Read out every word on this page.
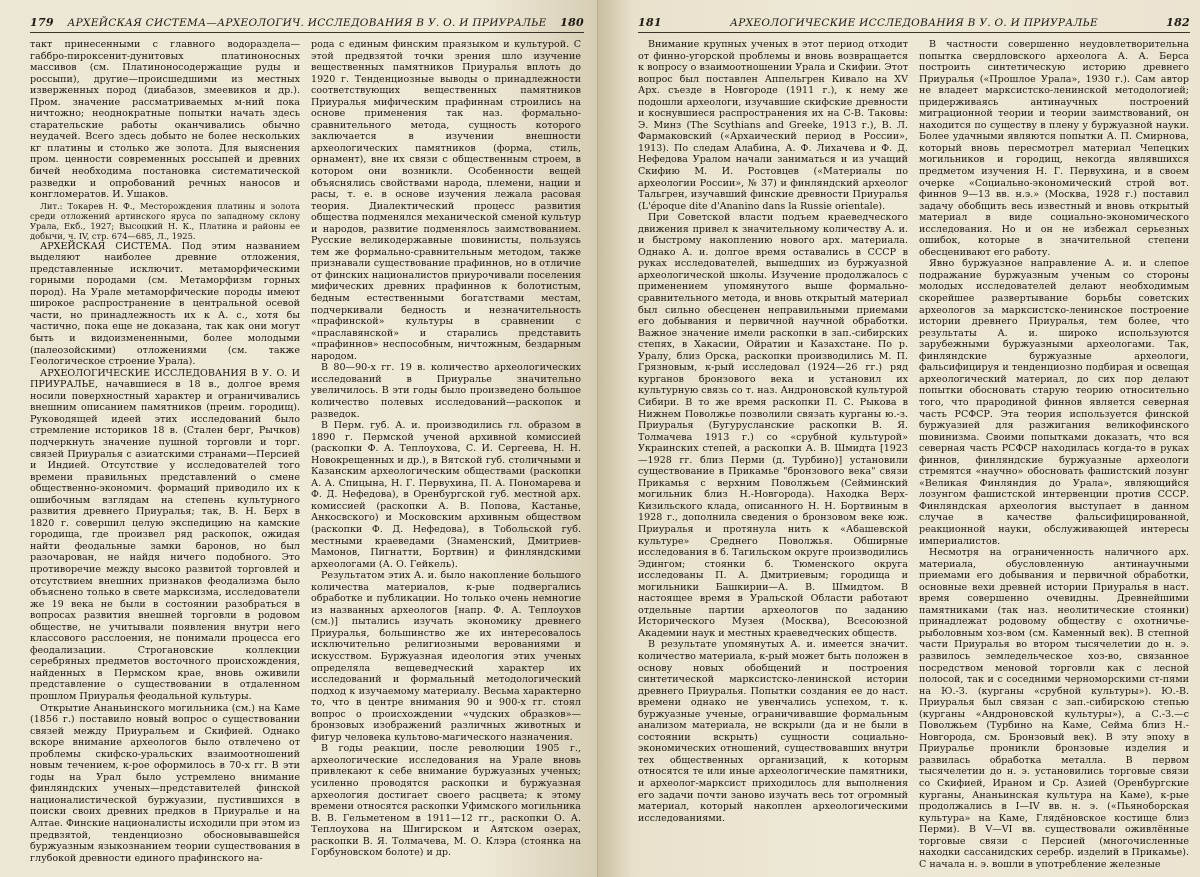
179 АРХЕЙСКАЯ СИСТЕМА—АРХЕОЛОГИЧ. ИССЛЕДОВАНИЯ В У. О. И ПРИУРАЛЬЕ 180

такт принесенными с главного водораздела—габбро-пироксенит-дунитовых платиноносных массивов (см. Платиноносодержащие руды и россыпи), другие—происшедшими из местных изверженных пород (диабазов, змеевиков и др.). Пром. значение рассматриваемых м-ний пока ничтожно; неоднократные попытки начать здесь старательские работы оканчивались обычно неудачей. Всего здесь добыто не более нескольких кг платины и столько же золота. Для выяснения пром. ценности современных россыпей и древних бичей необходима постановка систематической разведки и опробований речных наносов и конгломератов. И. Ушаков.

Лит.: Токарев Н. Ф., Месторождения платины и золота среди отложений артинского яруса по западному склону Урала, Екб., 1927; Высоцкий Н. К., Платина и районы ее добычи, ч. IV, стр. 674—685, Л., 1925.

АРХЕЙСКАЯ СИСТЕМА. Под этим названием выделяют наиболее древние отложения, представленные исключит. метаморфическими горными породами (см. Метаморфизм горных пород). На Урале метаморфические породы имеют широкое распространение в центральной осевой части, но принадлежность их к А. с., хотя бы частично, пока еще не доказана, так как они могут быть и видоизмененными, более молодыми (палеозойскими) отложениями (см. также Геологическое строение Урала).

АРХЕОЛОГИЧЕСКИЕ ИССЛЕДОВАНИЯ В У. О. И ПРИУРАЛЬЕ, начавшиеся в 18 в., долгое время носили поверхностный характер и ограничивались внешним описанием памятников (преим. городищ). Руководящей идеей этих исследований было стремление историков 18 в. (Стален берг, Рычков) подчеркнуть значение пушной торговли и торг. связей Приуралья с азиатскими странами—Персией и Индией. Отсутствие у исследователей того времени правильных представлений о смене общественно-экономич. формаций приводило их к ошибочным взглядам на степень культурного развития древнего Приуралья; так, В. Н. Берх в 1820 г. совершил целую экспедицию на камские городища, где произвел ряд раскопок, ожидая найти феодальные замки баронов, но был разочарован, не найдя ничего подобного. Это противоречие между высоко развитой торговлей и отсутствием внешних признаков феодализма было объяснено только в свете марксизма, исследователи же 19 века не были в состоянии разобраться в вопросах развития внешней торговли в родовом обществе, не учитывали появления внутри него классового расслоения, не понимали процесса его феодализации. Строгановские коллекции серебряных предметов восточного происхождения, найденных в Пермском крае, вновь оживили представление о существовании в отдаленном прошлом Приуралья феодальной культуры.

Открытие Ананьинского могильника (см.) на Каме (1856 г.) поставило новый вопрос о существовании связей между Приуральем и Скифией. Однако вскоре внимание археологов было отвлечено от проблемы скифско-уральских взаимоотношений новым течением, к-рое оформилось в 70-х гг. В эти годы на Урал было устремлено внимание финляндских ученых—представителей финской националистической буржуазии, пустившихся в поиски своих древних предков в Приуралье и на Алтае. Финские националисты исходили при этом из предвзятой, тенденциозно обосновывавшейся буржуазным языкознанием теории существования в глубокой древности единого прафинского на-

рода с единым финским праязыком и культурой. С этой предвзятой точки зрения шло изучение вещественных памятников Приуралья вплоть до 1920 г. Тенденциозные выводы о принадлежности соответствующих вещественных памятников Приуралья мифическим прафиннам строились на основе применения так наз. формально-сравнительного метода, сущность которого заключается в изучении внешности археологических памятников (форма, стиль, орнамент), вне их связи с общественным строем, в котором они возникли. Особенности вещей объяснялись свойствами народа, племени, нации и расы, т. е. в основе изучения лежала расовая теория. Диалектический процесс развития общества подменялся механической сменой культур и народов, развитие подменялось заимствованием. Русские великодержавные шовинисты, пользуясь тем же формально-сравнительным методом, также признавали существование прафиннов, но в отличие от финских националистов приурочивали поселения мифических древних прафиннов к болотистым, бедным естественными богатствами местам, подчеркивали бедность и незначительность «прафинской» культуры в сравнении с «праславянской» и старались представить «прафиннов» неспособным, ничтожным, бездарным народом.

В 80—90-х гг. 19 в. количество археологических исследований в Приуралье значительно увеличилось. В эти годы было произведено большое количество полевых исследований—раскопок и разведок.

В Перм. губ. А. и. производились гл. образом в 1890 г. Пермской ученой архивной комиссией (раскопки Ф. А. Теплоухова, С. И. Сергеева, Н. Н. Новокрещенных и др.), в Вятской губ. столичными и Казанским археологическим обществами (раскопки А. А. Спицына, Н. Г. Первухина, П. А. Пономарева и Ф. Д. Нефедова), в Оренбургской губ. местной арх. комиссией (раскопки А. В. Попова, Кастанье, Анкосвского) и Московским архивным обществом (раскопки Ф. Д. Нефедова), в Тобольской губ. местными краеведами (Знаменский, Дмитриев-Мамонов, Пигнатти, Бортвин) и финляндскими археологами (А. О. Гейкель).

Результатом этих А. и. было накопление большого количества материалов, к-рые подвергались обработке и публикации. Но только очень немногие из названных археологов [напр. Ф. А. Теплоухов (см.)] пытались изучать экономику древнего Приуралья, большинство же их интересовалось исключительно религиозными верованиями и искусством. Буржуазная идеология этих ученых определяла вещеведческий характер их исследований и формальный методологический подход к изучаемому материалу. Весьма характерно то, что в центре внимания 90 и 900-х гг. стоял вопрос о происхождении «чудских образков»—бронзовых изображений различных животных и фигур человека культово-магического назначения.

В годы реакции, после революции 1905 г., археологические исследования на Урале вновь привлекают к себе внимание буржуазных ученых; усиленно проводятся раскопки и буржуазная археология достигает своего расцвета; к этому времени относятся раскопки Уфимского могильника В. В. Гельметеном в 1911—12 гг., раскопки О. А. Теплоухова на Шигирском и Аятском озерах, раскопки В. Я. Толмачева, М. О. Клэра (стоянка на Горбуновском болоте) и др.

181	АРХЕОЛОГИЧЕСКИЕ ИССЛЕДОВАНИЯ В У. О. И ПРИУРАЛЬЕ	182

Внимание крупных ученых в этот период отходит от финно-угорской проблемы и вновь возвращается к вопросу о взаимоотношении Урала и Скифии. Этот вопрос был поставлен Аппельгрен Кивало на XV Арх. съезде в Новгороде (1911 г.), к нему же подошли археологи, изучавшие скифские древности и коснувшиеся распространения их на С-В. Таковы: Э. Минз (The Scythians and Greeke, 1913 г.), В. Л. Фармаковский («Архаический период в России», 1913). По следам Алабина, А. Ф. Лихачева и Ф. Д. Нефедова Уралом начали заниматься и из учащий Скифию М. И. Ростовцев («Материалы по археологии России», № 37) и финляндский археолог Тальгрен, изучавший финские древности Приуралья (L'époque dite d'Ananino dans la Russie orientale).

При Советской власти подъем краеведческого движения привел к значительному количеству А. и. и быстрому накоплению нового арх. материала. Однако А. и. долгое время оставались в СССР в руках исследователей, вышедших из буржуазной археологической школы. Изучение продолжалось с применением упомянутого выше формально-сравнительного метода, и вновь открытый материал был сильно обесценен неправильными приемами его добывания и первичной научной обработки. Важное значение имели раскопки в зап.-сибирских степях, в Хакасии, Ойратии и Казахстане. По р. Уралу, близ Орска, раскопки производились М. П. Грязновым, к-рый исследовал (1924—26 гг.) ряд курганов бронзового века и установил их культурную связь со т. наз. Андроновской культурой Сибири. В то же время раскопки П. С. Рыкова в Нижнем Поволжье позволили связать курганы ю.-з. Приуралья (Бугурусланские раскопки В. Я. Толмачева 1913 г.) со «срубной культурой» Украинских степей, а раскопки А. В. Шмидта [1923—1928 гг. близ Перми (д. Турбино)] установили существование в Прикамье "бронзового века" связи Прикамья с верхним Поволжьем (Сейминский могильник близ Н.-Новгорода). Находка Верх-Кизильского клада, описанного Н. Н. Бортвиным в 1928 г., дополнила сведения о бронзовом веке юж. Приуралья и протянула нить к «Абашевской культуре» Среднего Поволжья. Обширные исследования в б. Тагильском округе производились Эдингом; стоянки б. Тюменского округа исследованы П. А. Дмитриевым; городища и могильники Башкирии—А. В. Шмидтом. В настоящее время в Уральской Области работают отдельные партии археологов по заданию Исторического Музея (Москва), Всесоюзной Академии наук и местных краеведческих обществ.

В результате упомянутых А. и. имеется значит. количество материала, к-рый может быть положен в основу новых обобщений и построения синтетической марксистско-ленинской истории древнего Приуралья. Попытки создания ее до наст. времени однако не увенчались успехом, т. к. буржуазные ученые, ограничивавшие формальным анализом материала, не вскрыли (да и не были в состоянии вскрыть) сущности социально-экономических отношений, существовавших внутри тех общественных организаций, к которым относятся те или иные археологические памятники, и археолог-марксист приходилось для выполнения его задачи почти заново изучать весь тот огромный материал, который накоплен археологическими исследованиями.

В частности совершенно неудовлетворительна попытка свердловского археолога А. А. Берса построить синтетическую историю древнего Приуралья («Прошлое Урала», 1930 г.). Сам автор не владеет марксистско-ленинской методологией; придерживаясь антинаучных построений миграционной теории и теории заимствований, он находится по существу в плену у буржуазной науки. Более удачными являются попытки А. П. Смирнова, который вновь пересмотрел материал Чепецких могильников и городищ, некогда являвшихся предметом изучения Н. Г. Первухина, и в своем очерке «Социально-экономический строй вот. финнов 9—13 вв. н.э.» (Москва, 1928 г.) поставил задачу обобщить весь известный и вновь открытый материал в виде социально-экономического исследования. Но и он не избежал серьезных ошибок, которые в значительной степени обесценивают его работу.

Явно буржуазное направление А. и. и слепое подражание буржуазным ученым со стороны молодых исследователей делают необходимым скорейшее развертывание борьбы советских археологов за марксистско-ленинское построение истории древнего Приуралья, тем более, что результаты А. и. широко используются зарубежными буржуазными археологами. Так, финляндские буржуазные археологи, фальсифицируя и тенденциозно подбирая и освещая археологический материал, до сих пор делают попытки обосновать старую теорию относительно того, что прародиной финнов является северная часть РСФСР. Эта теория используется финской буржуазией для разжигания великофинского шовинизма. Своими попытками доказать, что вся северная часть РСФСР находилась когда-то в руках финнов, финляндские буржуазные археологи стремятся «научно» обосновать фашистский лозунг «Великая Финляндия до Урала», являющийся лозунгом фашистской интервенции против СССР. Финляндская археология выступает в данном случае в качестве фальсифицированной, реакционной науки, обслуживающей интересы империалистов.

Несмотря на ограниченность наличного арх. материала, обусловленную антинаучными приемами его добывания и первичной обработки, основные вехи древней истории Приуралья в наст. время совершенно очевидны. Древнейшими памятниками (так наз. неолитические стоянки) принадлежат родовому обществу с охотничье-рыболовным хоз-вом (см. Каменный век). В степной части Приуралья во втором тысячелетии до н. э. развилось земледельческое хоз-во, связанное посредством меновой торговли как с лесной полосой, так и с соседними черноморскими ст-пями на Ю.-З. (курганы «срубной культуры»). Ю.-В. Приуралья был связан с зап.-сибирскою степью (курганы «Андроновской культуры»), а С.-З.—с Поволжьем (Турбино на Каме, Сейма близ Н.-Новгорода, см. Бронзовый век). В эту эпоху в Приуралье проникли бронзовые изделия и развилась обработка металла. В первом тысячелетии до н. э. установились торговые связи со Скифией, Ираном и Ср. Азией (Оренбургские курганы, Ананьинская культура на Каме), к-рые продолжались в I—IV вв. н. э. («Пьяноборская культура» на Каме, Глядёновское костище близ Перми). В V—VI вв. существовали оживлённые торговые связи с Персией (многочисленные находки сассанидских серебр. изделий в Прикамье). С начала н. э. вошли в употребление железные
